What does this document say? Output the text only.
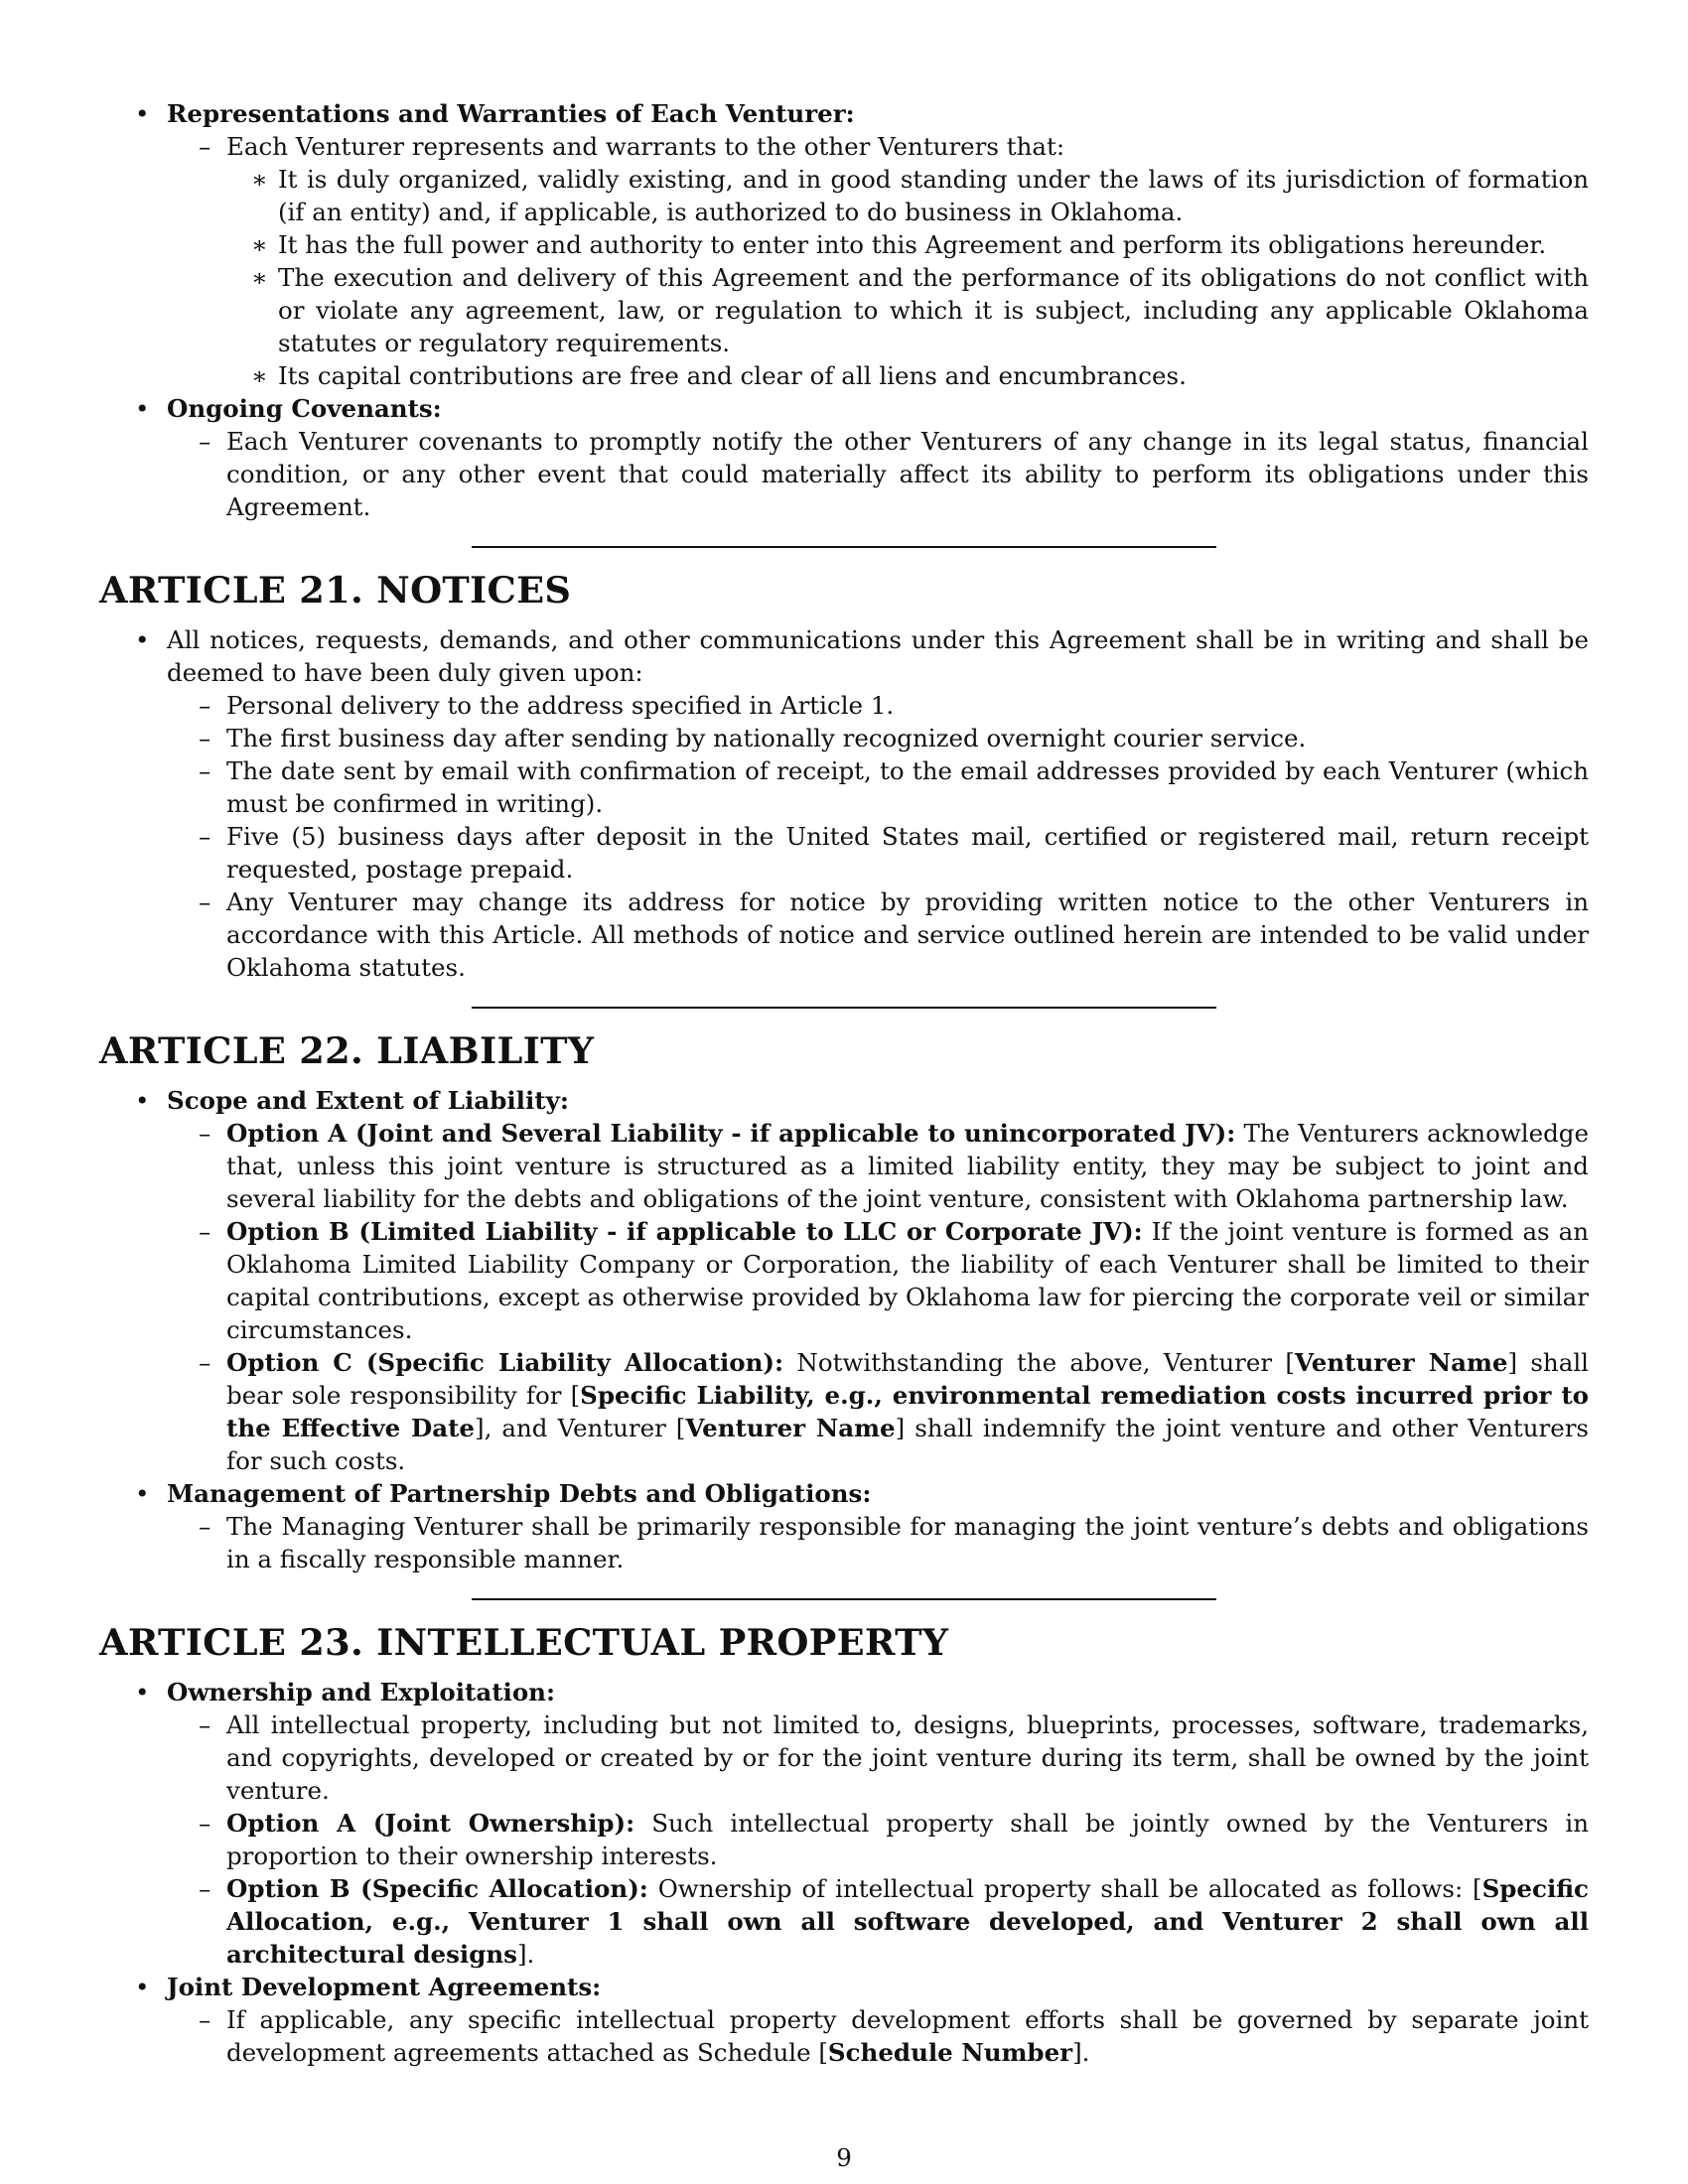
• Representations and Warranties of Each Venturer:
– Each Venturer represents and warrants to the other Venturers that:
∗ It is duly organized, validly existing, and in good standing under the laws of its jurisdiction of formation (if an entity) and, if applicable, is authorized to do business in Oklahoma.
∗ It has the full power and authority to enter into this Agreement and perform its obligations hereunder.
∗ The execution and delivery of this Agreement and the performance of its obligations do not conflict with or violate any agreement, law, or regulation to which it is subject, including any applicable Oklahoma statutes or regulatory requirements.
∗ Its capital contributions are free and clear of all liens and encumbrances.
• Ongoing Covenants:
– Each Venturer covenants to promptly notify the other Venturers of any change in its legal status, financial condition, or any other event that could materially affect its ability to perform its obligations under this Agreement.
ARTICLE 21. NOTICES
• All notices, requests, demands, and other communications under this Agreement shall be in writing and shall be deemed to have been duly given upon:
– Personal delivery to the address specified in Article 1.
– The first business day after sending by nationally recognized overnight courier service.
– The date sent by email with confirmation of receipt, to the email addresses provided by each Venturer (which must be confirmed in writing).
– Five (5) business days after deposit in the United States mail, certified or registered mail, return receipt requested, postage prepaid.
– Any Venturer may change its address for notice by providing written notice to the other Venturers in accordance with this Article. All methods of notice and service outlined herein are intended to be valid under Oklahoma statutes.
ARTICLE 22. LIABILITY
• Scope and Extent of Liability:
– Option A (Joint and Several Liability - if applicable to unincorporated JV): The Venturers acknowledge that, unless this joint venture is structured as a limited liability entity, they may be subject to joint and several liability for the debts and obligations of the joint venture, consistent with Oklahoma partnership law.
– Option B (Limited Liability - if applicable to LLC or Corporate JV): If the joint venture is formed as an Oklahoma Limited Liability Company or Corporation, the liability of each Venturer shall be limited to their capital contributions, except as otherwise provided by Oklahoma law for piercing the corporate veil or similar circumstances.
– Option C (Specific Liability Allocation): Notwithstanding the above, Venturer [Venturer Name] shall bear sole responsibility for [Specific Liability, e.g., environmental remediation costs incurred prior to the Effective Date], and Venturer [Venturer Name] shall indemnify the joint venture and other Venturers for such costs.
• Management of Partnership Debts and Obligations:
– The Managing Venturer shall be primarily responsible for managing the joint venture’s debts and obligations in a fiscally responsible manner.
ARTICLE 23. INTELLECTUAL PROPERTY
• Ownership and Exploitation:
– All intellectual property, including but not limited to, designs, blueprints, processes, software, trademarks, and copyrights, developed or created by or for the joint venture during its term, shall be owned by the joint venture.
– Option A (Joint Ownership): Such intellectual property shall be jointly owned by the Venturers in proportion to their ownership interests.
– Option B (Specific Allocation): Ownership of intellectual property shall be allocated as follows: [Specific Allocation, e.g., Venturer 1 shall own all software developed, and Venturer 2 shall own all architectural designs].
• Joint Development Agreements:
– If applicable, any specific intellectual property development efforts shall be governed by separate joint development agreements attached as Schedule [Schedule Number].
9
